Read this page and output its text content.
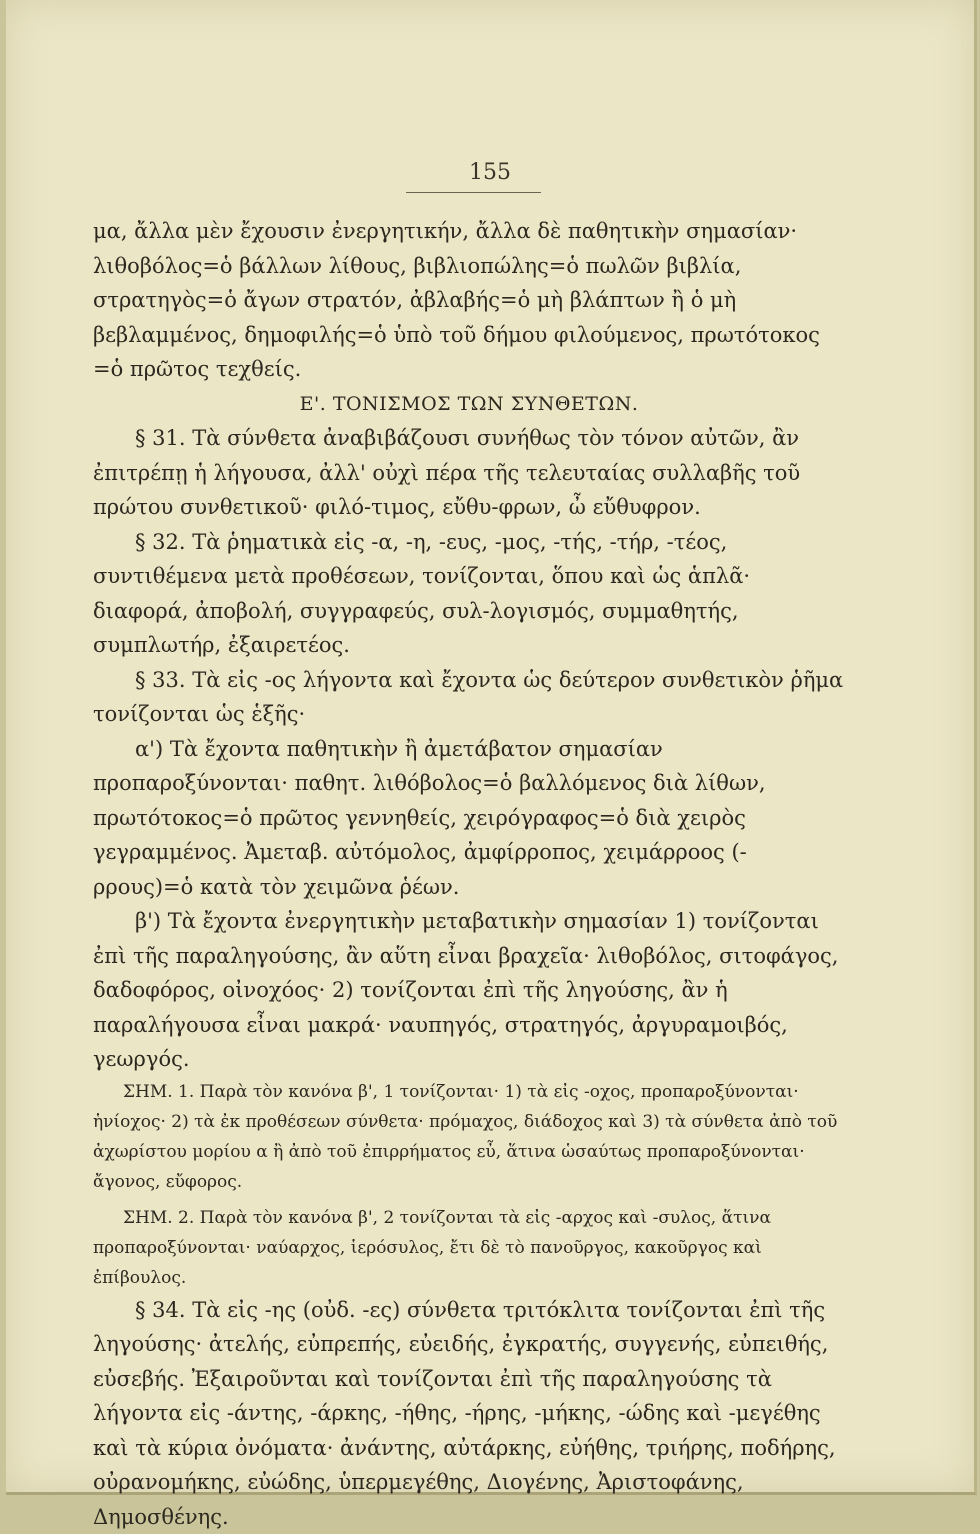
155

μα, ἄλλα μὲν ἔχουσιν ἐνεργητικήν, ἄλλα δὲ παθητικὴν σημασίαν· λιθοβόλος=ὁ βάλλων λίθους, βιβλιοπώλης=ὁ πωλῶν βιβλία, στρατηγὸς=ὁ ἄγων στρατόν, ἀβλαβής=ὁ μὴ βλάπτων ἢ ὁ μὴ βεβλαμμένος, δημοφιλής=ὁ ὑπὸ τοῦ δήμου φιλούμενος, πρωτότοκος =ὁ πρῶτος τεχθείς.

Ε'. ΤΟΝΙΣΜΟΣ ΤΩΝ ΣΥΝΘΕΤΩΝ.

§ 31. Τὰ σύνθετα ἀναβιβάζουσι συνήθως τὸν τόνον αὐτῶν, ἂν ἐπιτρέπῃ ἡ λήγουσα, ἀλλ' οὐχὶ πέρα τῆς τελευταίας συλλαβῆς τοῦ πρώτου συνθετικοῦ· φιλό-τιμος, εὔθυ-φρων, ὦ εὔθυφρον.

§ 32. Τὰ ῥηματικὰ εἰς -α, -η, -ευς, -μος, -τής, -τήρ, -τέος, συντιθέμενα μετὰ προθέσεων, τονίζονται, ὅπου καὶ ὡς ἁπλᾶ· διαφορά, ἀποβολή, συγγραφεύς, συλ-λογισμός, συμμαθητής, συμπλωτήρ, ἐξαιρετέος.

§ 33. Τὰ εἰς -ος λήγοντα καὶ ἔχοντα ὡς δεύτερον συνθετικὸν ῥῆμα τονίζονται ὡς ἑξῆς·

α') Τὰ ἔχοντα παθητικὴν ἢ ἀμετάβατον σημασίαν προπαροξύνονται· παθητ. λιθόβολος=ὁ βαλλόμενος διὰ λίθων, πρωτότοκος=ὁ πρῶτος γεννηθείς, χειρόγραφος=ὁ διὰ χειρὸς γεγραμμένος. Ἀμεταβ. αὐτόμολος, ἀμφίρροπος, χειμάρροος (-ρρους)=ὁ κατὰ τὸν χειμῶνα ῥέων.

β') Τὰ ἔχοντα ἐνεργητικὴν μεταβατικὴν σημασίαν 1) τονίζονται ἐπὶ τῆς παραληγούσης, ἂν αὕτη εἶναι βραχεῖα· λιθοβόλος, σιτοφάγος, δαδοφόρος, οἰνοχόος· 2) τονίζονται ἐπὶ τῆς ληγούσης, ἂν ἡ παραλήγουσα εἶναι μακρά· ναυπηγός, στρατηγός, ἀργυραμοιβός, γεωργός.

ΣΗΜ. 1. Παρὰ τὸν κανόνα β', 1 τονίζονται· 1) τὰ εἰς -οχος, προπαροξύνονται· ἡνίοχος· 2) τὰ ἐκ προθέσεων σύνθετα· πρόμαχος, διάδοχος καὶ 3) τὰ σύνθετα ἀπὸ τοῦ ἀχωρίστου μορίου α ἢ ἀπὸ τοῦ ἐπιρρήματος εὖ, ἅτινα ὡσαύτως προπαροξύνονται· ἄγονος, εὔφορος.

ΣΗΜ. 2. Παρὰ τὸν κανόνα β', 2 τονίζονται τὰ εἰς -αρχος καὶ -συλος, ἅτινα προπαροξύνονται· ναύαρχος, ἱερόσυλος, ἔτι δὲ τὸ πανοῦργος, κακοῦργος καὶ ἐπίβουλος.

§ 34. Τὰ εἰς -ης (οὐδ. -ες) σύνθετα τριτόκλιτα τονίζονται ἐπὶ τῆς ληγούσης· ἀτελής, εὐπρεπής, εὐειδής, ἐγκρατής, συγγενής, εὐπειθής, εὐσεβής. Ἐξαιροῦνται καὶ τονίζονται ἐπὶ τῆς παραληγούσης τὰ λήγοντα εἰς -άντης, -άρκης, -ήθης, -ήρης, -μήκης, -ώδης καὶ -μεγέθης καὶ τὰ κύρια ὀνόματα· ἀνάντης, αὐτάρκης, εὐήθης, τριήρης, ποδήρης, οὐρανομήκης, εὐώδης, ὑπερμεγέθης, Διογένης, Ἀριστοφάνης, Δημοσθένης.
